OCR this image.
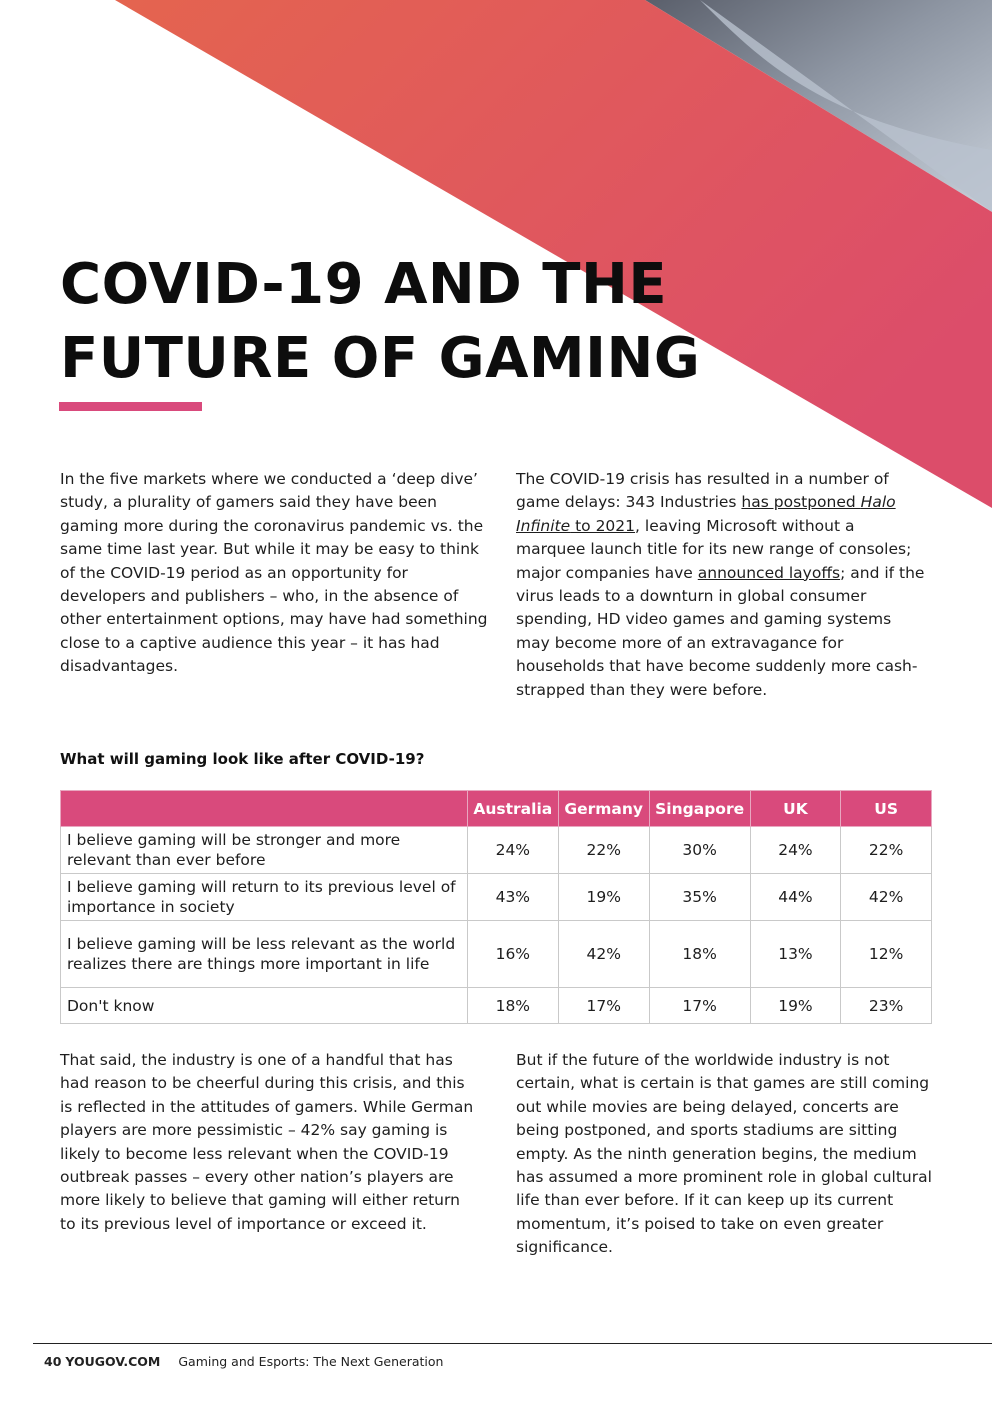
COVID-19 AND THE
FUTURE OF GAMING

In the five markets where we conducted a ‘deep dive’ study, a plurality of gamers said they have been gaming more during the coronavirus pandemic vs. the same time last year. But while it may be easy to think of the COVID-19 period as an opportunity for developers and publishers – who, in the absence of other entertainment options, may have had something close to a captive audience this year – it has had disadvantages.

The COVID-19 crisis has resulted in a number of game delays: 343 Industries has postponed Halo Infinite to 2021, leaving Microsoft without a marquee launch title for its new range of consoles; major companies have announced layoffs; and if the virus leads to a downturn in global consumer spending, HD video games and gaming systems may become more of an extravagance for households that have become suddenly more cash-strapped than they were before.

What will gaming look like after COVID-19?

	Australia	Germany	Singapore	UK	US
I believe gaming will be stronger and more relevant than ever before	24%	22%	30%	24%	22%
I believe gaming will return to its previous level of importance in society	43%	19%	35%	44%	42%
I believe gaming will be less relevant as the world realizes there are things more important in life	16%	42%	18%	13%	12%
Don't know	18%	17%	17%	19%	23%

That said, the industry is one of a handful that has had reason to be cheerful during this crisis, and this is reflected in the attitudes of gamers. While German players are more pessimistic – 42% say gaming is likely to become less relevant when the COVID-19 outbreak passes – every other nation’s players are more likely to believe that gaming will either return to its previous level of importance or exceed it.

But if the future of the worldwide industry is not certain, what is certain is that games are still coming out while movies are being delayed, concerts are being postponed, and sports stadiums are sitting empty. As the ninth generation begins, the medium has assumed a more prominent role in global cultural life than ever before. If it can keep up its current momentum, it’s poised to take on even greater significance.

40 YOUGOV.COM Gaming and Esports: The Next Generation
